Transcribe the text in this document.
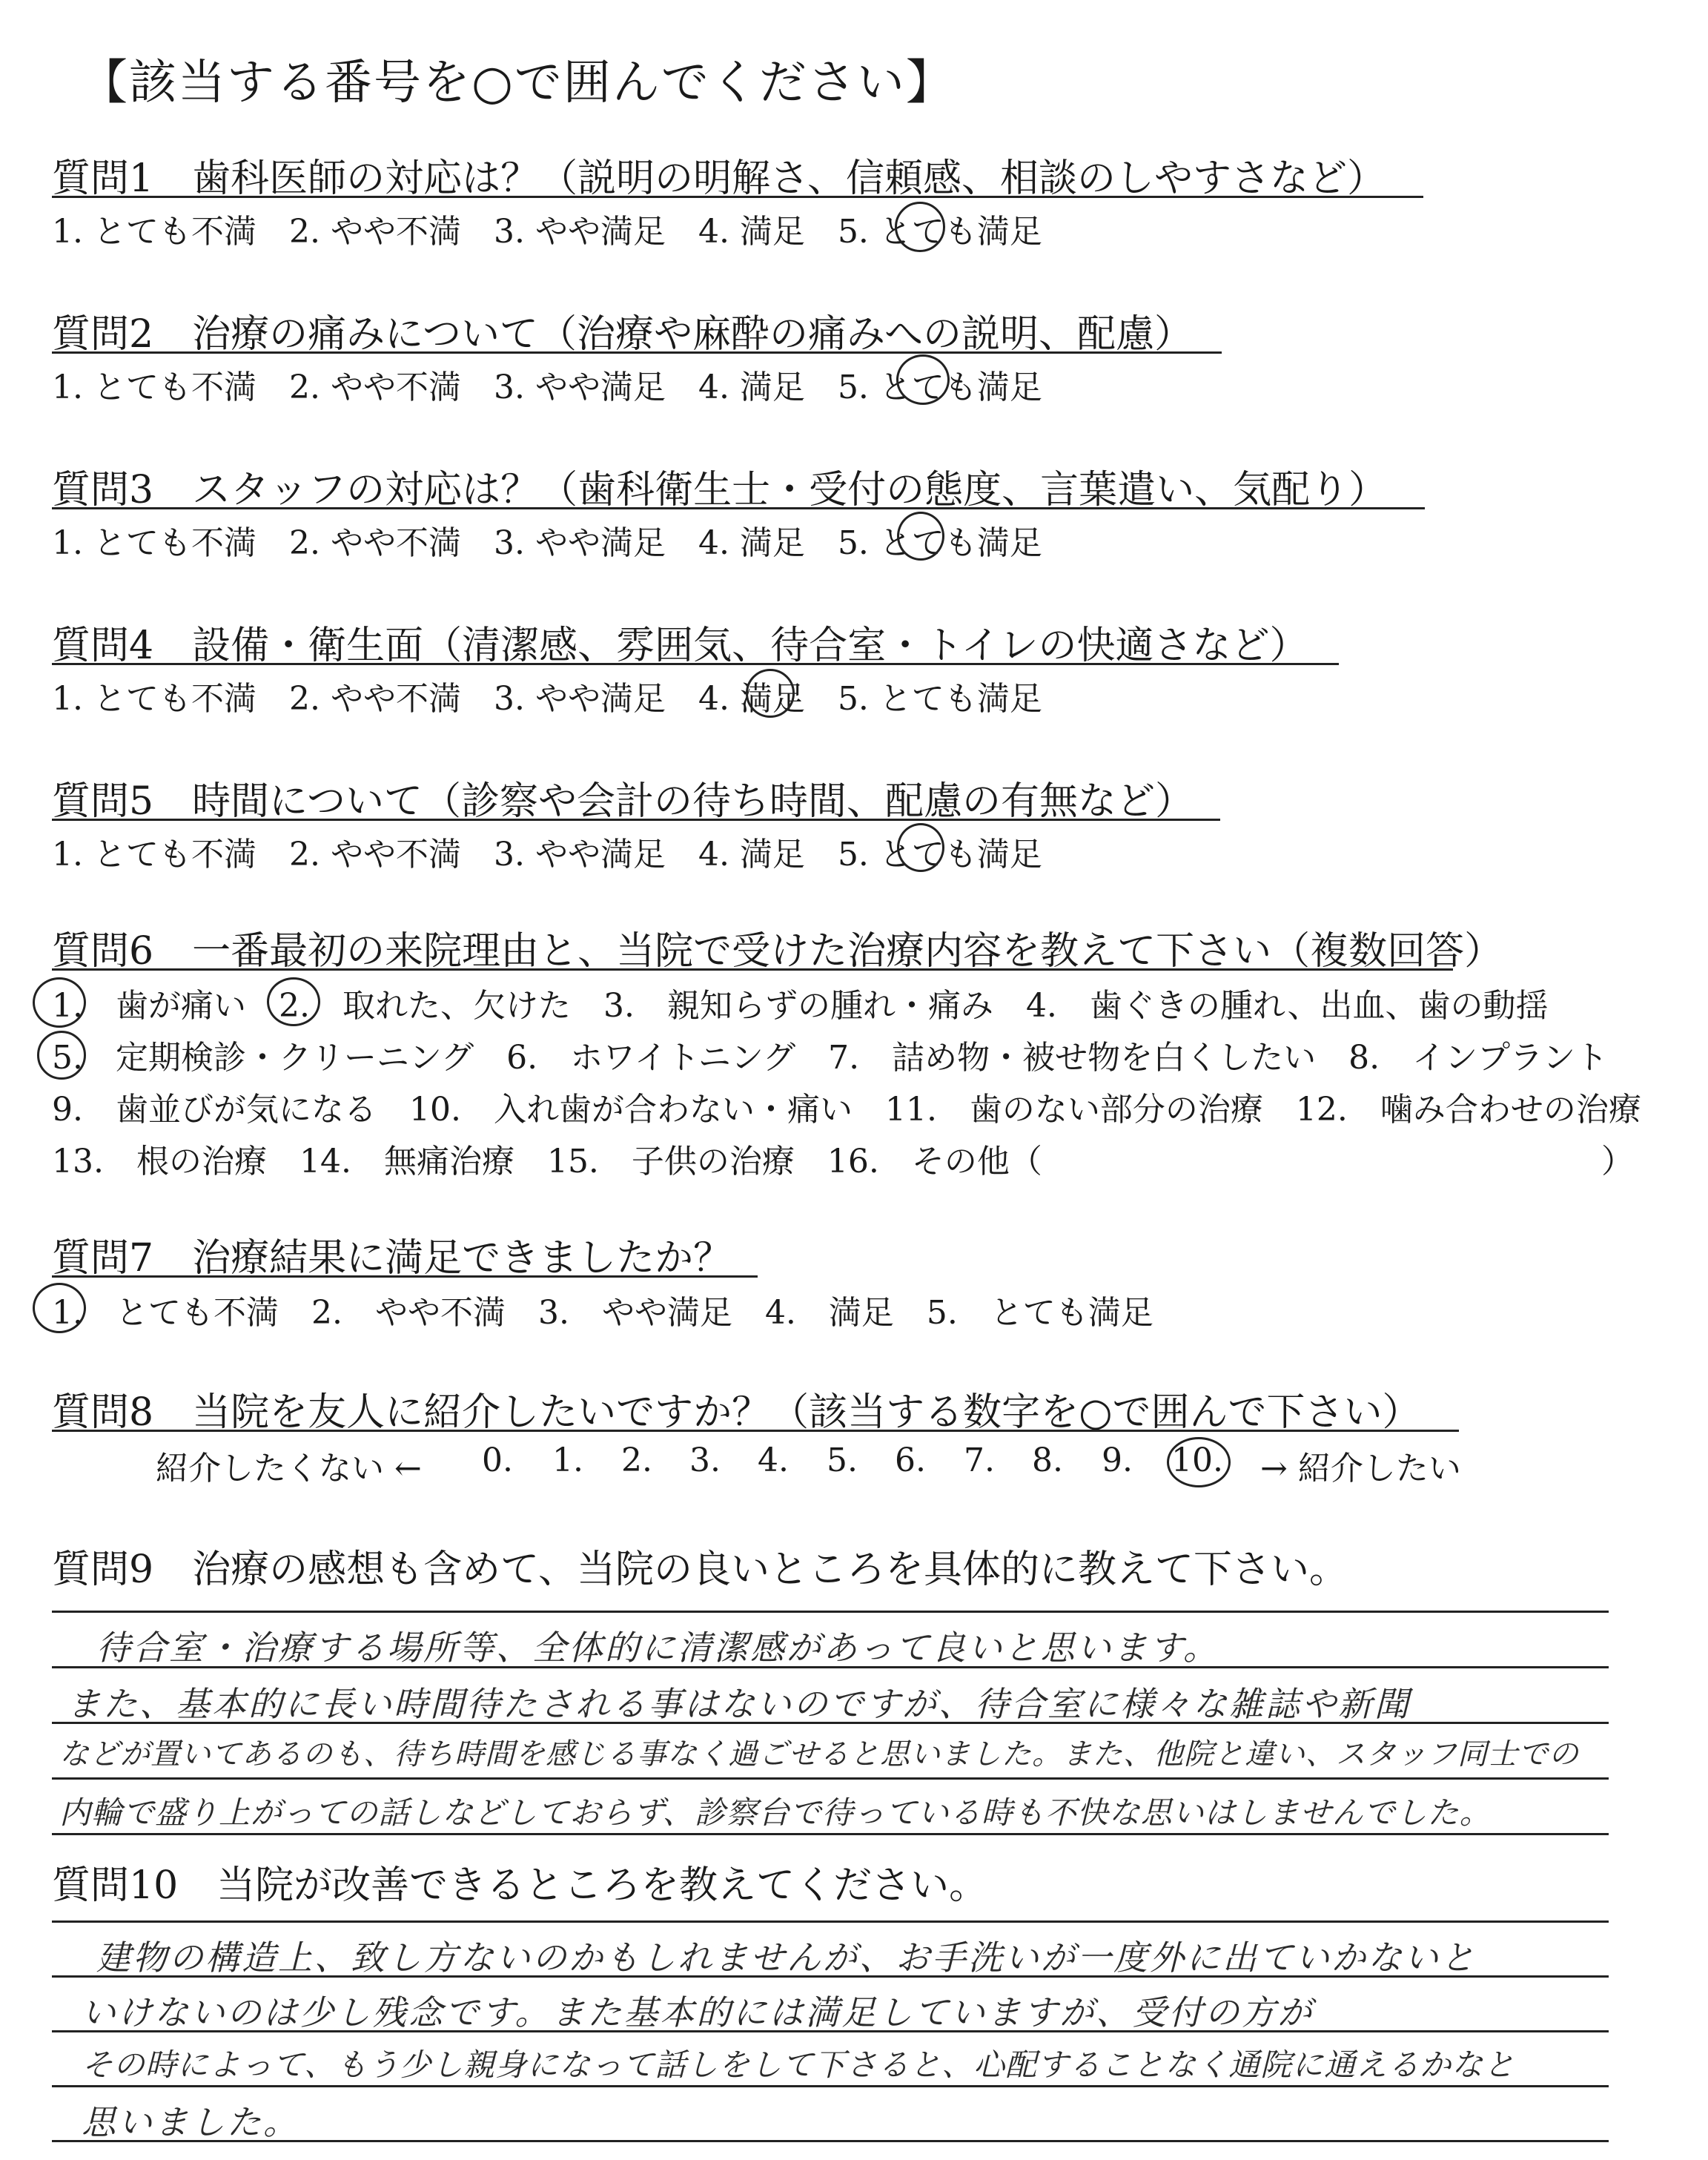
【該当する番号を○で囲んでください】
質問1　歯科医師の対応は？（説明の明解さ、信頼感、相談のしやすさなど）
1. とても不満  2. やや不満  3. やや満足  4. 満足  5. とても満足
質問2　治療の痛みについて（治療や麻酔の痛みへの説明、配慮）
1. とても不満  2. やや不満  3. やや満足  4. 満足  5. とても満足
質問3　スタッフの対応は？（歯科衛生士・受付の態度、言葉遣い、気配り）
1. とても不満  2. やや不満  3. やや満足  4. 満足  5. とても満足
質問4　設備・衛生面（清潔感、雰囲気、待合室・トイレの快適さなど）
1. とても不満  2. やや不満  3. やや満足  4. 満足  5. とても満足
質問5　時間について（診察や会計の待ち時間、配慮の有無など）
1. とても不満  2. やや不満  3. やや満足  4. 満足  5. とても満足
質問6　一番最初の来院理由と、当院で受けた治療内容を教えて下さい（複数回答）
1.　歯が痛い　2.　取れた、欠けた　3.　親知らずの腫れ・痛み　4.　歯ぐきの腫れ、出血、歯の動揺
5.　定期検診・クリーニング　6.　ホワイトニング　7.　詰め物・被せ物を白くしたい　8.　インプラント
9.　歯並びが気になる　10.　入れ歯が合わない・痛い　11.　歯のない部分の治療　12.　噛み合わせの治療
13.　根の治療　14.　無痛治療　15.　子供の治療　16.　その他（	）
質問7　治療結果に満足できましたか？
1.　とても不満　2.　やや不満　3.　やや満足　4.　満足　5.　とても満足
質問8　当院を友人に紹介したいですか？（該当する数字を○で囲んで下さい）
紹介したくない ← 0. 1. 2. 3. 4. 5. 6. 7. 8. 9. 10. → 紹介したい
質問9　治療の感想も含めて、当院の良いところを具体的に教えて下さい。
待合室・治療する場所等、全体的に清潔感があって良いと思います。
また、基本的に長い時間待たされる事はないのですが、待合室に様々な雑誌や新聞
などが置いてあるのも、待ち時間を感じる事なく過ごせると思いました。また、他院と違い、スタッフ同士での
内輪で盛り上がっての話しなどしておらず、診察台で待っている時も不快な思いはしませんでした。
質問10　当院が改善できるところを教えてください。
建物の構造上、致し方ないのかもしれませんが、お手洗いが一度外に出ていかないと
いけないのは少し残念です。また基本的には満足していますが、受付の方が
その時によって、もう少し親身になって話しをして下さると、心配することなく通院に通えるかなと
思いました。
